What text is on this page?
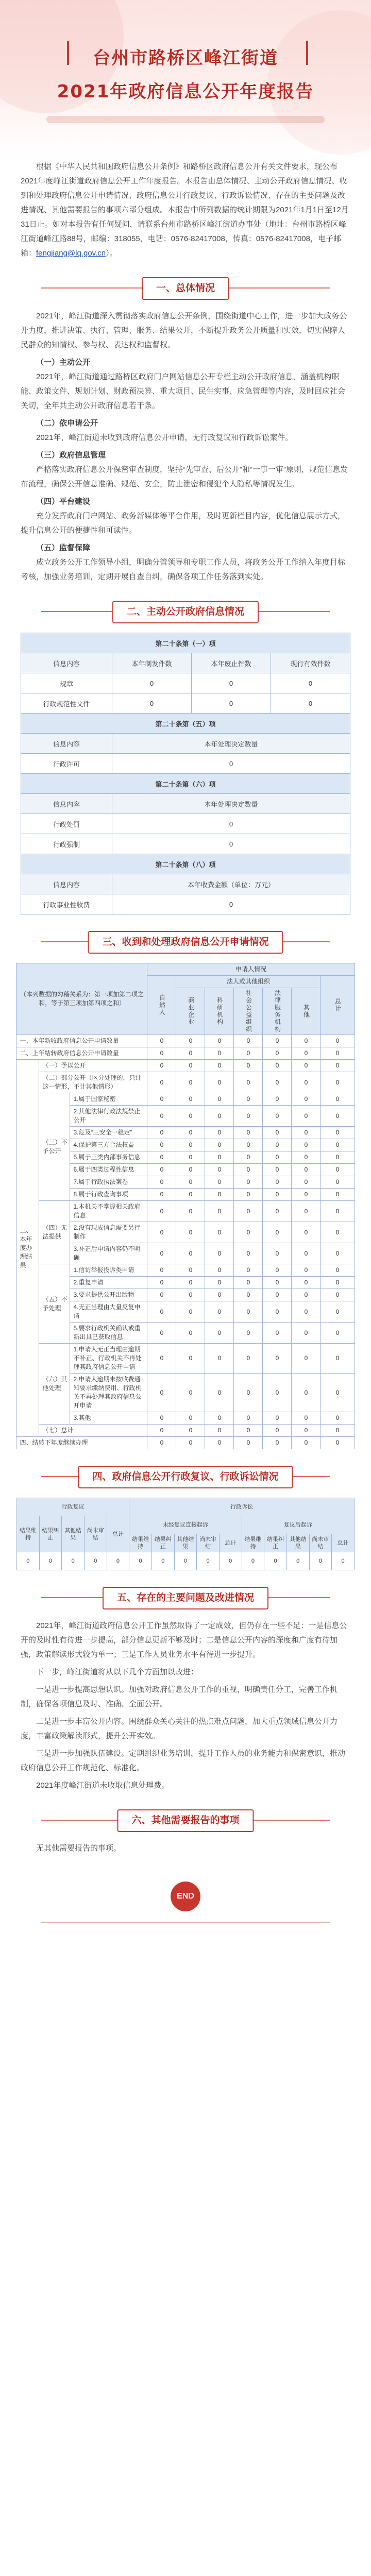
台州市路桥区峰江街道
2021年政府信息公开年度报告
根据《中华人民共和国政府信息公开条例》和路桥区政府信息公开有关文件要求，现公布2021年度峰江街道政府信息公开工作年度报告。本报告由总体情况、主动公开政府信息情况、收到和处理政府信息公开申请情况、政府信息公开行政复议、行政诉讼情况、存在的主要问题及改进情况、其他需要报告的事项六部分组成。本报告中所列数据的统计期限为2021年1月1日至12月31日止。如对本报告有任何疑问，请联系台州市路桥区峰江街道办事处（地址：台州市路桥区峰江街道峰江路88号，邮编：318055，电话：0576-82417008，传真：0576-82417008，电子邮箱：fengjiang@lq.gov.cn）。
一、总体情况

2021年，峰江街道深入贯彻落实政府信息公开条例，围绕街道中心工作，进一步加大政务公开力度，推进决策、执行、管理、服务、结果公开，不断提升政务公开质量和实效，切实保障人民群众的知情权、参与权、表达权和监督权。

（一）主动公开

2021年，峰江街道通过路桥区政府门户网站信息公开专栏主动公开政府信息，涵盖机构职能、政策文件、规划计划、财政预决算、重大项目、民生实事、应急管理等内容，及时回应社会关切，全年共主动公开政府信息若干条。

（二）依申请公开

2021年，峰江街道未收到政府信息公开申请，无行政复议和行政诉讼案件。

（三）政府信息管理

严格落实政府信息公开保密审查制度，坚持“先审查、后公开”和“一事一审”原则，规范信息发布流程，确保公开信息准确、规范、安全，防止泄密和侵犯个人隐私等情况发生。

（四）平台建设

充分发挥政府门户网站、政务新媒体等平台作用，及时更新栏目内容，优化信息展示方式，提升信息公开的便捷性和可读性。

（五）监督保障

成立政务公开工作领导小组，明确分管领导和专职工作人员，将政务公开工作纳入年度目标考核，加强业务培训，定期开展自查自纠，确保各项工作任务落到实处。

二、主动公开政府信息情况
第二十条第（一）项			
信息内容	本年制发件数	本年废止件数	现行有效件数
规章	0	0	0
行政规范性文件	0	0	0
第二十条第（五）项			
信息内容	本年处理决定数量		
行政许可	0		
第二十条第（六）项			
信息内容	本年处理决定数量		
行政处罚	0		
行政强制	0		
第二十条第（八）项			
信息内容	本年收费金额（单位：万元）		
行政事业性收费	0		
三、收到和处理政府信息公开申请情况
（本列数据的勾稽关系为：第一项加第二项之和，等于第三项加第四项之和）			申请人情况						
			自然人	法人或其他组织					总计
				商业企业	科研机构	社会公益组织	法律服务机构	其他	
一、本年新收政府信息公开申请数量			0	0	0	0	0	0	0
二、上年结转政府信息公开申请数量			0	0	0	0	0	0	0
三、本年度办理结果	（一）予以公开		0	0	0	0	0	0	0
	（二）部分公开（区分处理的，只计这一情形，不计其他情形）		0	0	0	0	0	0	0
	（三）不予公开	1.属于国家秘密	0	0	0	0	0	0	0
		2.其他法律行政法规禁止公开	0	0	0	0	0	0	0
		3.危及“三安全一稳定”	0	0	0	0	0	0	0
		4.保护第三方合法权益	0	0	0	0	0	0	0
		5.属于三类内部事务信息	0	0	0	0	0	0	0
		6.属于四类过程性信息	0	0	0	0	0	0	0
		7.属于行政执法案卷	0	0	0	0	0	0	0
		8.属于行政查询事项	0	0	0	0	0	0	0
	（四）无法提供	1.本机关不掌握相关政府信息	0	0	0	0	0	0	0
		2.没有现成信息需要另行制作	0	0	0	0	0	0	0
		3.补正后申请内容仍不明确	0	0	0	0	0	0	0
	（五）不予处理	1.信访举报投诉类申请	0	0	0	0	0	0	0
		2.重复申请	0	0	0	0	0	0	0
		3.要求提供公开出版物	0	0	0	0	0	0	0
		4.无正当理由大量反复申请	0	0	0	0	0	0	0
		5.要求行政机关确认或重新出具已获取信息	0	0	0	0	0	0	0
	（六）其他处理	1.申请人无正当理由逾期不补正、行政机关不再处理其政府信息公开申请	0	0	0	0	0	0	0
		2.申请人逾期未按收费通知要求缴纳费用、行政机关不再处理其政府信息公开申请	0	0	0	0	0	0	0
		3.其他	0	0	0	0	0	0	0
	（七）总计		0	0	0	0	0	0	0
四、结转下年度继续办理			0	0	0	0	0	0	0
四、政府信息公开行政复议、行政诉讼情况
行政复议					行政诉讼									
结果维持	结果纠正	其他结果	尚未审结	总计	未经复议直接起诉					复议后起诉				
					结果维持	结果纠正	其他结果	尚未审结	总计	结果维持	结果纠正	其他结果	尚未审结	总计
0	0	0	0	0	0	0	0	0	0	0	0	0	0	0
五、存在的主要问题及改进情况

2021年，峰江街道政府信息公开工作虽然取得了一定成效，但仍存在一些不足：一是信息公开的及时性有待进一步提高，部分信息更新不够及时；二是信息公开内容的深度和广度有待加强，政策解读形式较为单一；三是工作人员业务水平有待进一步提升。

下一步，峰江街道将从以下几个方面加以改进：

一是进一步提高思想认识。加强对政府信息公开工作的重视，明确责任分工，完善工作机制，确保各项信息及时、准确、全面公开。

二是进一步丰富公开内容。围绕群众关心关注的热点难点问题，加大重点领域信息公开力度，丰富政策解读形式，提升公开实效。

三是进一步加强队伍建设。定期组织业务培训，提升工作人员的业务能力和保密意识，推动政府信息公开工作规范化、标准化。

2021年度峰江街道未收取信息处理费。

六、其他需要报告的事项

无其他需要报告的事项。

END
